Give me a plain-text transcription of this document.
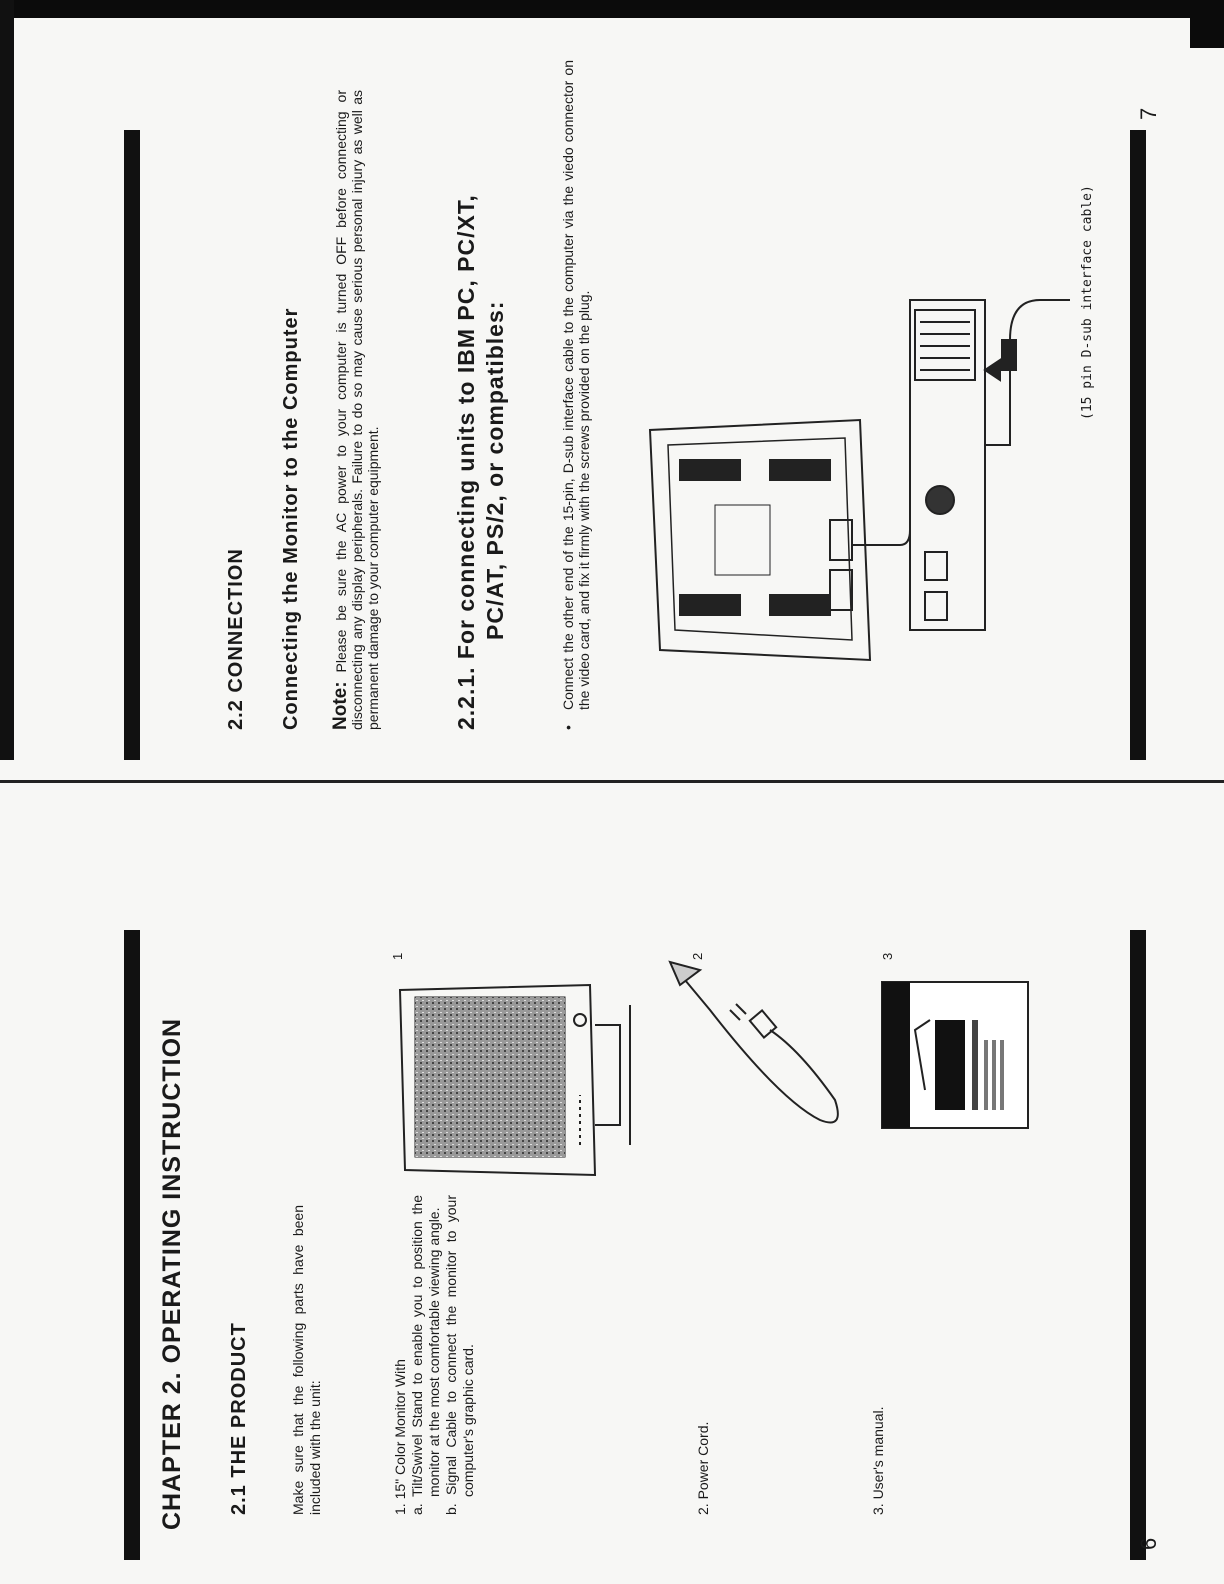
2.2 CONNECTION Connecting the Monitor to the Computer Note: Please be sure the AC power to your computer is turned OFF before connecting or disconnecting any display peripherals. Failure to do so may cause serious personal injury as well as permanent damage to your computer equipment.	2.2.1. For connecting units to IBM PC, PC/XT, PC/AT, PS/2, or compatibles:
•	Connect the other end of the 15-pin, D-sub interface cable to the computer via the viedo connector on the video card, and fix it firmly with the screws provided on the plug.	(15 pin D-sub interface cable)
7
CHAPTER 2. OPERATING INSTRUCTION 2.1 THE PRODUCT	Make sure that the following parts have been included with the unit:	1. 15" Color Monitor With a. Tilt/Swivel Stand to enable you to position the monitor at the most comfortable viewing angle. b. Signal Cable to connect the monitor to your computer's graphic card.	2. Power Cord.	3. User's manual.
1	2	3
6
